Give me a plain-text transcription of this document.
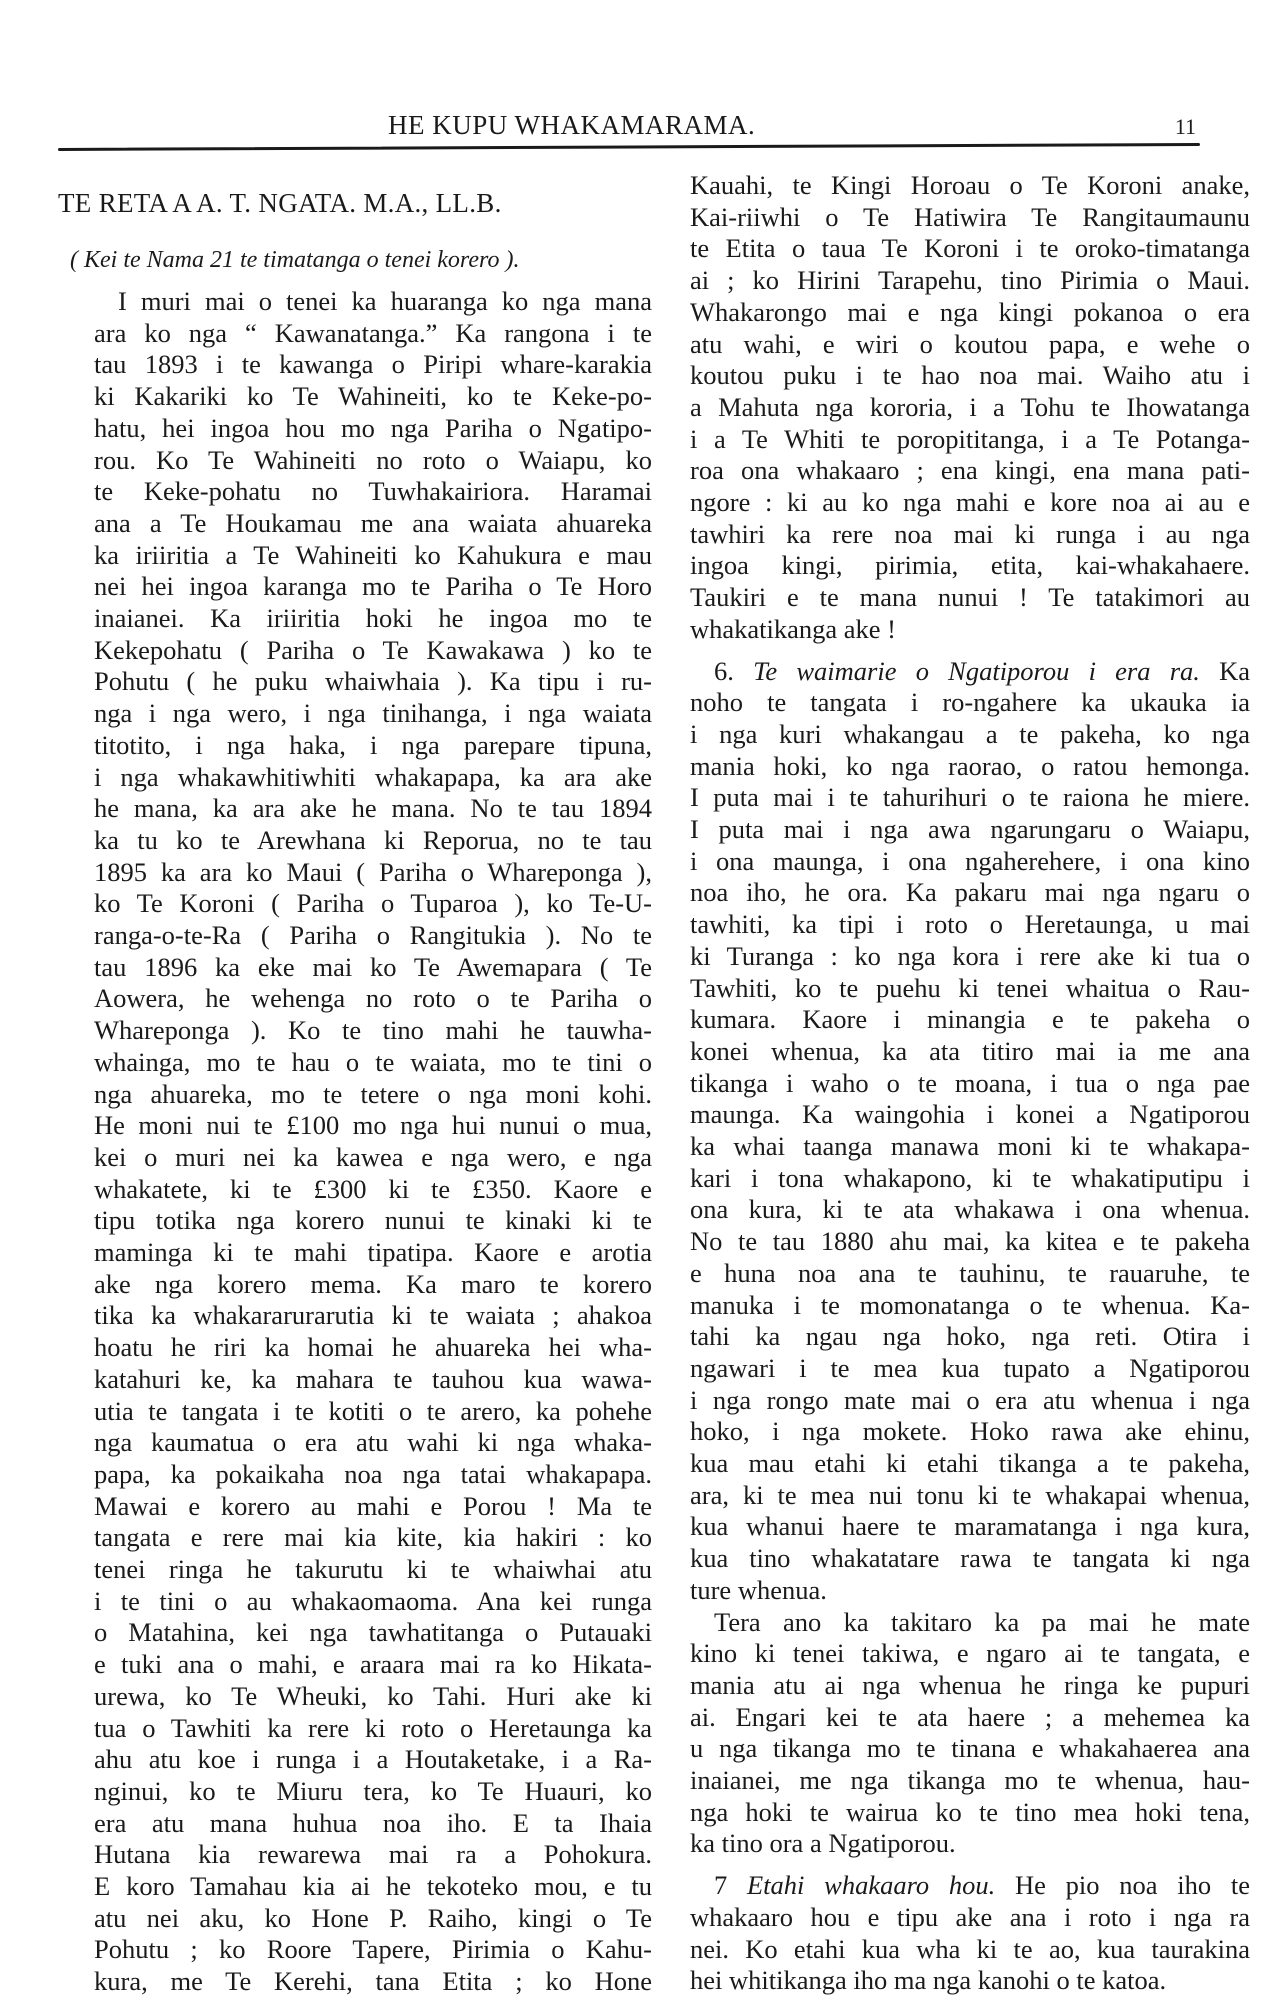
HE KUPU WHAKAMARAMA.	11
TE RETA A A. T. NGATA. M.A., LL.B.
( Kei te Nama 21 te timatanga o tenei korero ).
I muri mai o tenei ka huaranga ko nga mana
ara ko nga “ Kawanatanga.” Ka rangona i te
tau 1893 i te kawanga o Piripi whare-karakia
ki Kakariki ko Te Wahineiti, ko te Keke-po-
hatu, hei ingoa hou mo nga Pariha o Ngatipo-
rou. Ko Te Wahineiti no roto o Waiapu, ko
te Keke-pohatu no Tuwhakairiora. Haramai
ana a Te Houkamau me ana waiata ahuareka
ka iriiritia a Te Wahineiti ko Kahukura e mau
nei hei ingoa karanga mo te Pariha o Te Horo
inaianei. Ka iriiritia hoki he ingoa mo te
Kekepohatu ( Pariha o Te Kawakawa ) ko te
Pohutu ( he puku whaiwhaia ). Ka tipu i ru-
nga i nga wero, i nga tinihanga, i nga waiata
titotito, i nga haka, i nga parepare tipuna,
i nga whakawhitiwhiti whakapapa, ka ara ake
he mana, ka ara ake he mana. No te tau 1894
ka tu ko te Arewhana ki Reporua, no te tau
1895 ka ara ko Maui ( Pariha o Whareponga ),
ko Te Koroni ( Pariha o Tuparoa ), ko Te-U-
ranga-o-te-Ra ( Pariha o Rangitukia ). No te
tau 1896 ka eke mai ko Te Awemapara ( Te
Aowera, he wehenga no roto o te Pariha o
Whareponga ). Ko te tino mahi he tauwha-
whainga, mo te hau o te waiata, mo te tini o
nga ahuareka, mo te tetere o nga moni kohi.
He moni nui te £100 mo nga hui nunui o mua,
kei o muri nei ka kawea e nga wero, e nga
whakatete, ki te £300 ki te £350. Kaore e
tipu totika nga korero nunui te kinaki ki te
maminga ki te mahi tipatipa. Kaore e arotia
ake nga korero mema. Ka maro te korero
tika ka whakararurarutia ki te waiata ; ahakoa
hoatu he riri ka homai he ahuareka hei wha-
katahuri ke, ka mahara te tauhou kua wawa-
utia te tangata i te kotiti o te arero, ka pohehe
nga kaumatua o era atu wahi ki nga whaka-
papa, ka pokaikaha noa nga tatai whakapapa.
Mawai e korero au mahi e Porou ! Ma te
tangata e rere mai kia kite, kia hakiri : ko
tenei ringa he takurutu ki te whaiwhai atu
i te tini o au whakaomaoma. Ana kei runga
o Matahina, kei nga tawhatitanga o Putauaki
e tuki ana o mahi, e araara mai ra ko Hikata-
urewa, ko Te Wheuki, ko Tahi. Huri ake ki
tua o Tawhiti ka rere ki roto o Heretaunga ka
ahu atu koe i runga i a Houtaketake, i a Ra-
nginui, ko te Miuru tera, ko Te Huauri, ko
era atu mana huhua noa iho. E ta Ihaia
Hutana kia rewarewa mai ra a Pohokura.
E koro Tamahau kia ai he tekoteko mou, e tu
atu nei aku, ko Hone P. Raiho, kingi o Te
Pohutu ; ko Roore Tapere, Pirimia o Kahu-
kura, me Te Kerehi, tana Etita ; ko Hone
Kauahi, te Kingi Horoau o Te Koroni anake,
Kai-riiwhi o Te Hatiwira Te Rangitaumaunu
te Etita o taua Te Koroni i te oroko-timatanga
ai ; ko Hirini Tarapehu, tino Pirimia o Maui.
Whakarongo mai e nga kingi pokanoa o era
atu wahi, e wiri o koutou papa, e wehe o
koutou puku i te hao noa mai. Waiho atu i
a Mahuta nga kororia, i a Tohu te Ihowatanga
i a Te Whiti te poropititanga, i a Te Potanga-
roa ona whakaaro ; ena kingi, ena mana pati-
ngore : ki au ko nga mahi e kore noa ai au e
tawhiri ka rere noa mai ki runga i au nga
ingoa kingi, pirimia, etita, kai-whakahaere.
Taukiri e te mana nunui ! Te tatakimori au
whakatikanga ake !
6. Te waimarie o Ngatiporou i era ra. Ka
noho te tangata i ro-ngahere ka ukauka ia
i nga kuri whakangau a te pakeha, ko nga
mania hoki, ko nga raorao, o ratou hemonga.
I puta mai i te tahurihuri o te raiona he miere.
I puta mai i nga awa ngarungaru o Waiapu,
i ona maunga, i ona ngaherehere, i ona kino
noa iho, he ora. Ka pakaru mai nga ngaru o
tawhiti, ka tipi i roto o Heretaunga, u mai
ki Turanga : ko nga kora i rere ake ki tua o
Tawhiti, ko te puehu ki tenei whaitua o Rau-
kumara. Kaore i minangia e te pakeha o
konei whenua, ka ata titiro mai ia me ana
tikanga i waho o te moana, i tua o nga pae
maunga. Ka waingohia i konei a Ngatiporou
ka whai taanga manawa moni ki te whakapa-
kari i tona whakapono, ki te whakatiputipu i
ona kura, ki te ata whakawa i ona whenua.
No te tau 1880 ahu mai, ka kitea e te pakeha
e huna noa ana te tauhinu, te rauaruhe, te
manuka i te momonatanga o te whenua. Ka-
tahi ka ngau nga hoko, nga reti. Otira i
ngawari i te mea kua tupato a Ngatiporou
i nga rongo mate mai o era atu whenua i nga
hoko, i nga mokete. Hoko rawa ake ehinu,
kua mau etahi ki etahi tikanga a te pakeha,
ara, ki te mea nui tonu ki te whakapai whenua,
kua whanui haere te maramatanga i nga kura,
kua tino whakatatare rawa te tangata ki nga
ture whenua.
Tera ano ka takitaro ka pa mai he mate
kino ki tenei takiwa, e ngaro ai te tangata, e
mania atu ai nga whenua he ringa ke pupuri
ai. Engari kei te ata haere ; a mehemea ka
u nga tikanga mo te tinana e whakahaerea ana
inaianei, me nga tikanga mo te whenua, hau-
nga hoki te wairua ko te tino mea hoki tena,
ka tino ora a Ngatiporou.
7 Etahi whakaaro hou. He pio noa iho te
whakaaro hou e tipu ake ana i roto i nga ra
nei. Ko etahi kua wha ki te ao, kua taurakina
hei whitikanga iho ma nga kanohi o te katoa.
